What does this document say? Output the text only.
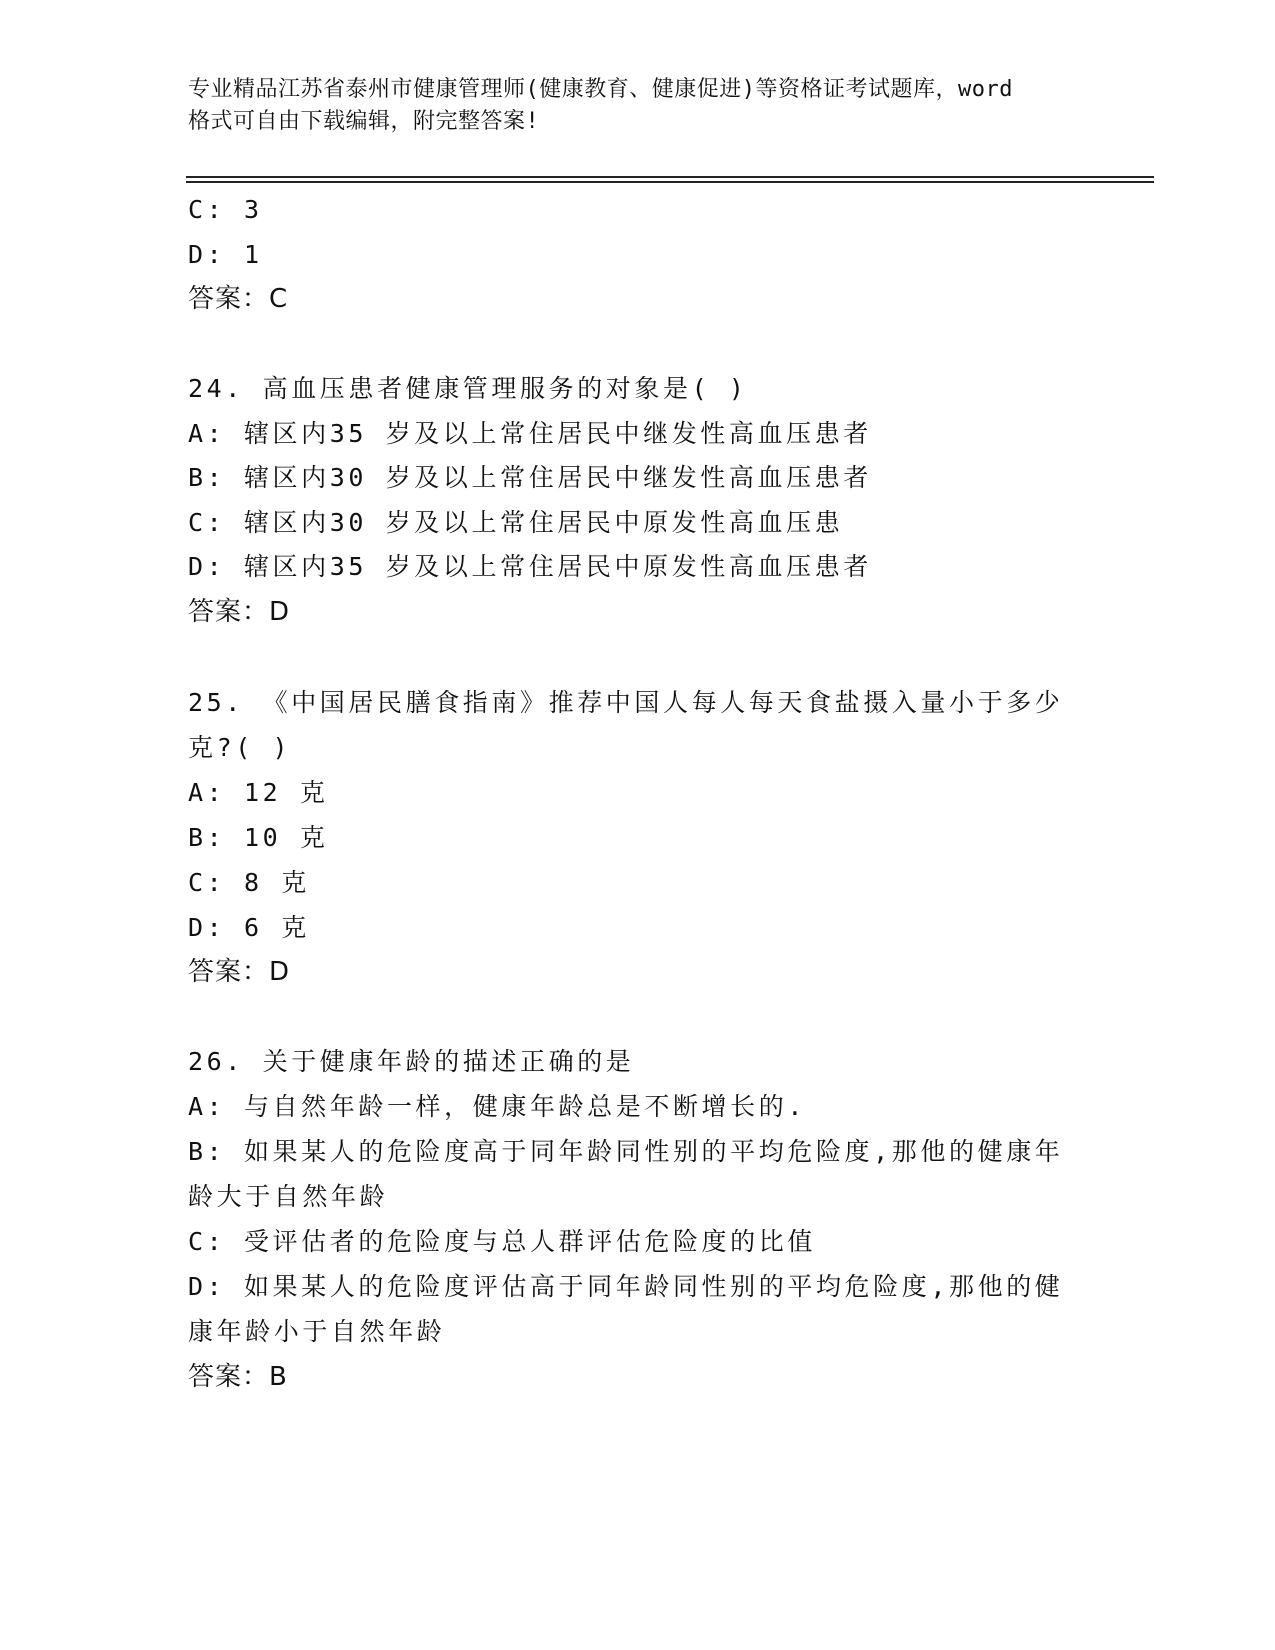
专业精品江苏省泰州市健康管理师(健康教育、健康促进)等资格证考试题库，word
格式可自由下载编辑，附完整答案!
C: 3
D: 1
答案：C
24. 高血压患者健康管理服务的对象是( )
A: 辖区内35 岁及以上常住居民中继发性高血压患者
B: 辖区内30 岁及以上常住居民中继发性高血压患者
C: 辖区内30 岁及以上常住居民中原发性高血压患
D: 辖区内35 岁及以上常住居民中原发性高血压患者
答案：D
25. 《中国居民膳食指南》推荐中国人每人每天食盐摄入量小于多少
克?( )
A: 12 克
B: 10 克
C: 8 克
D: 6 克
答案：D
26. 关于健康年龄的描述正确的是
A: 与自然年龄一样，健康年龄总是不断增长的.
B: 如果某人的危险度高于同年龄同性别的平均危险度,那他的健康年
龄大于自然年龄
C: 受评估者的危险度与总人群评估危险度的比值
D: 如果某人的危险度评估高于同年龄同性别的平均危险度,那他的健
康年龄小于自然年龄
答案：B
